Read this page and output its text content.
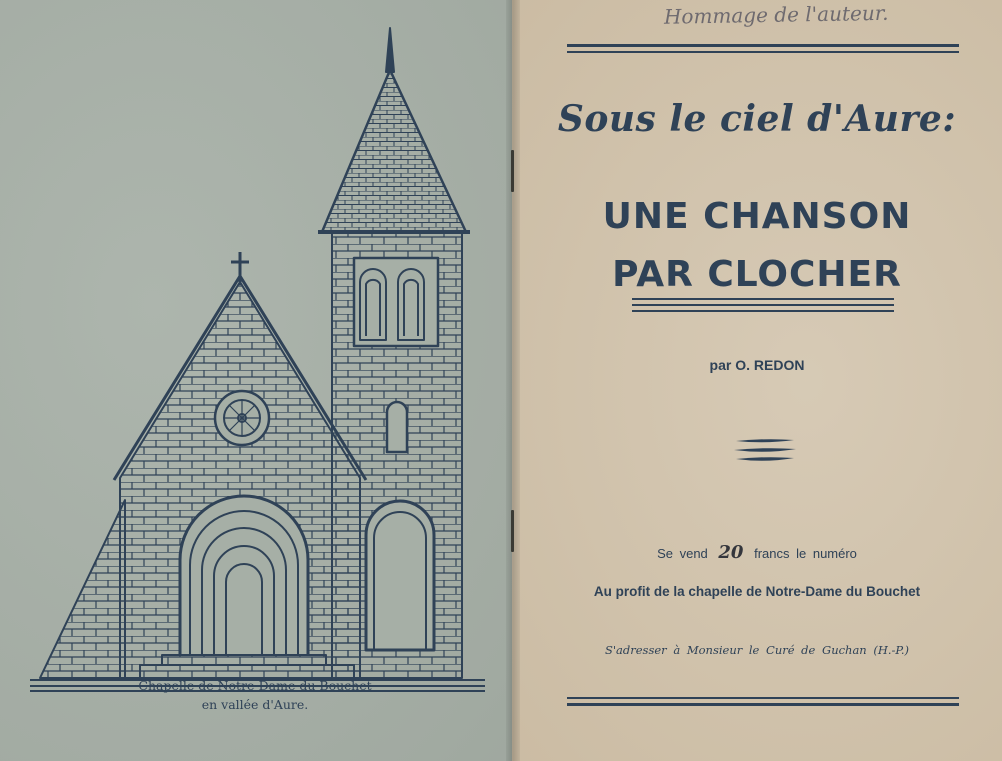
Chapelle de Notre-Dame du Bouchet
en vallée d'Aure.
Hommage de l'auteur.
Sous le ciel d'Aure:
UNE CHANSON
PAR CLOCHER
par O. REDON
Se vend 20 francs le numéro
Au profit de la chapelle de Notre-Dame du Bouchet
S'adresser à Monsieur le Curé de Guchan (H.-P.)
